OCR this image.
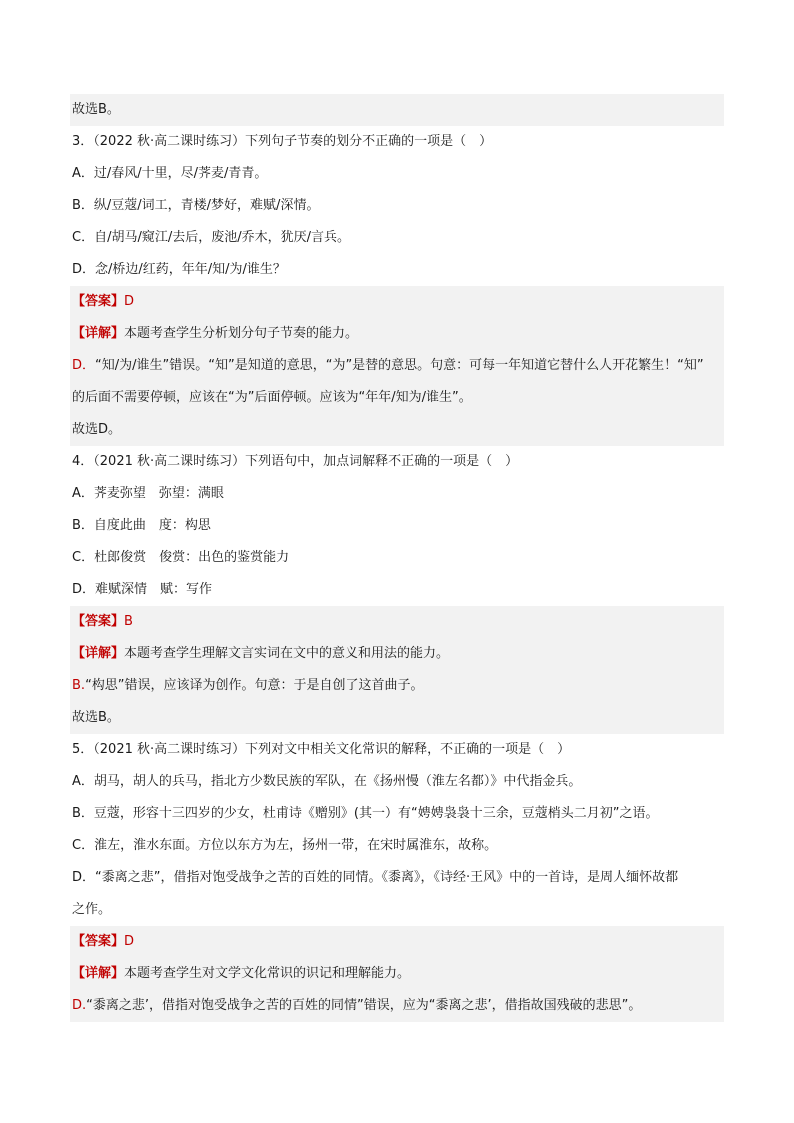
故选B。
3．（2022 秋·高二课时练习）下列句子节奏的划分不正确的一项是（　）
A．过/春风/十里，尽/荠麦/青青。
B．纵/豆蔻/词工，青楼/梦好，难赋/深情。
C．自/胡马/窥江/去后，废池/乔木，犹厌/言兵。
D．念/桥边/红药，年年/知/为/谁生？
【答案】D
【详解】本题考查学生分析划分句子节奏的能力。
D．“知/为/谁生”错误。“知”是知道的意思，“为”是替的意思。句意：可每一年知道它替什么人开花繁生！“知”
的后面不需要停顿，应该在“为”后面停顿。应该为“年年/知为/谁生”。
故选D。
4．（2021 秋·高二课时练习）下列语句中，加点词解释不正确的一项是（　）
A．荠麦弥望　弥望：满眼
B．自度此曲　度：构思
C．杜郎俊赏　俊赏：出色的鉴赏能力
D．难赋深情　赋：写作
【答案】B
【详解】本题考查学生理解文言实词在文中的意义和用法的能力。
B.“构思”错误，应该译为创作。句意：于是自创了这首曲子。
故选B。
5．（2021 秋·高二课时练习）下列对文中相关文化常识的解释，不正确的一项是（　）
A．胡马，胡人的兵马，指北方少数民族的军队，在《扬州慢（淮左名都）》中代指金兵。
B．豆蔻，形容十三四岁的少女，杜甫诗《赠别》(其一）有“娉娉袅袅十三余，豆蔻梢头二月初”之语。
C．淮左，淮水东面。方位以东方为左，扬州一带，在宋时属淮东，故称。
D．“黍离之悲”，借指对饱受战争之苦的百姓的同情。《黍离》，《诗经·王风》中的一首诗，是周人缅怀故都
之作。
【答案】D
【详解】本题考查学生对文学文化常识的识记和理解能力。
D.“黍离之悲’，借指对饱受战争之苦的百姓的同情”错误，应为“黍离之悲’，借指故国残破的悲思”。
